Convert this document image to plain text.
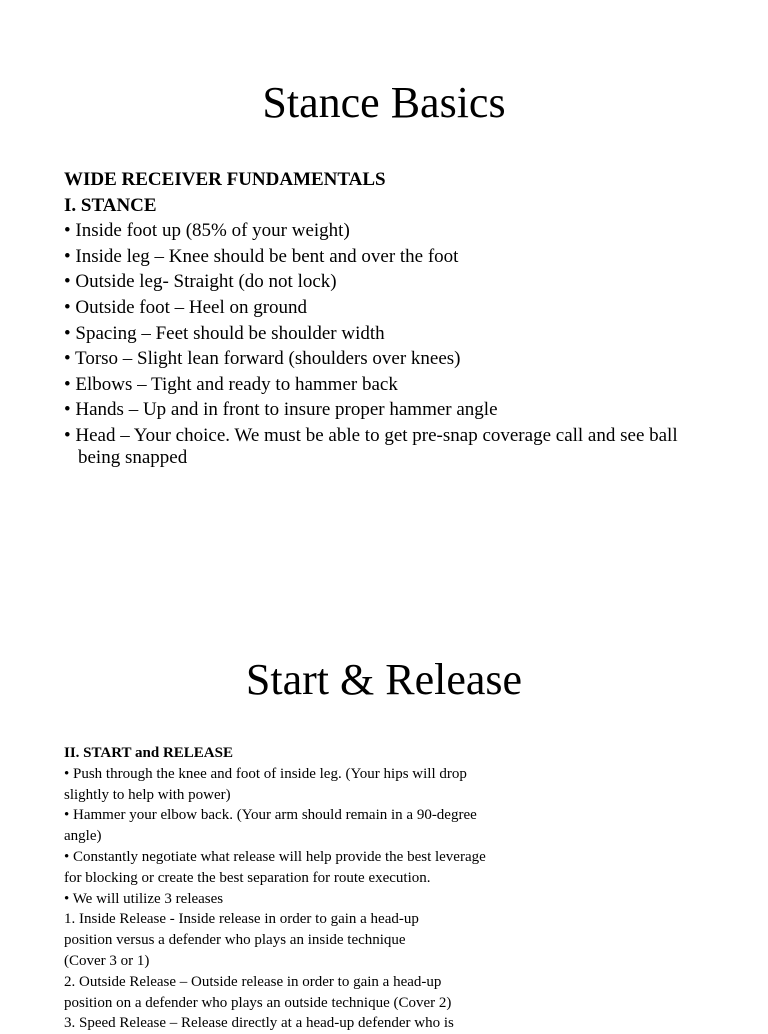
Stance Basics
WIDE RECEIVER FUNDAMENTALS
I. STANCE
• Inside foot up (85% of your weight)
• Inside leg – Knee should be bent and over the foot
• Outside leg- Straight (do not lock)
• Outside foot – Heel on ground
• Spacing – Feet should be shoulder width
• Torso – Slight lean forward (shoulders over knees)
• Elbows – Tight and ready to hammer back
• Hands – Up and in front to insure proper hammer angle
• Head – Your choice. We must be able to get pre-snap coverage call and see ball being snapped
Start & Release
II. START and RELEASE
• Push through the knee and foot of inside leg. (Your hips will drop
slightly to help with power)
• Hammer your elbow back. (Your arm should remain in a 90-degree
angle)
• Constantly negotiate what release will help provide the best leverage
for blocking or create the best separation for route execution.
• We will utilize 3 releases
1. Inside Release - Inside release in order to gain a head-up
position versus a defender who plays an inside technique
(Cover 3 or 1)
2. Outside Release – Outside release in order to gain a head-up
position on a defender who plays an outside technique (Cover 2)
3. Speed Release – Release directly at a head-up defender who is
